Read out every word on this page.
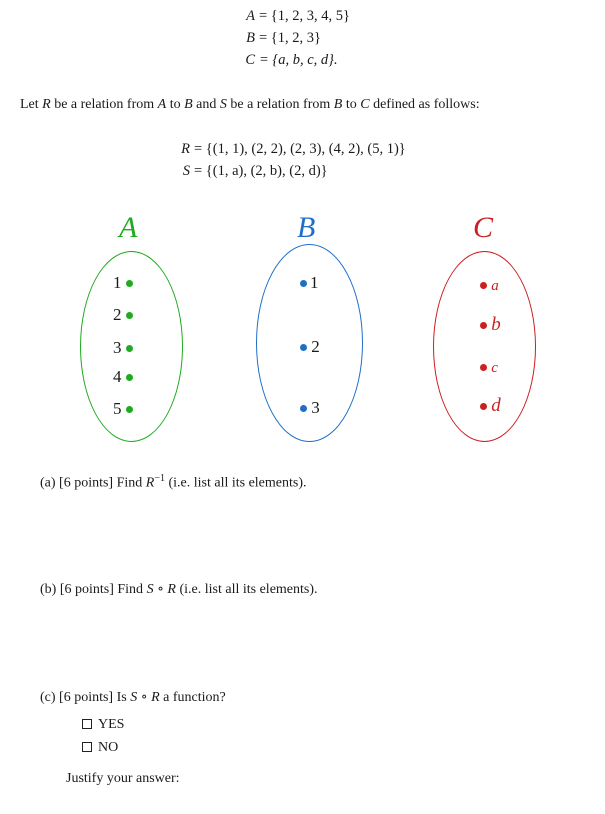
A = {1, 2, 3, 4, 5}
B = {1, 2, 3}
C = {a, b, c, d}.
Let R be a relation from A to B and S be a relation from B to C defined as follows:
R = {(1, 1), (2, 2), (2, 3), (4, 2), (5, 1)}
S = {(1, a), (2, b), (2, d)}
A	B	C
1
2
3
4
5
1
2
3
a
b
c
d
(a) [6 points] Find $R^{-1}$ (i.e. list all its elements).
(b) [6 points] Find S ∘ R (i.e. list all its elements).
(c) [6 points] Is S ∘ R a function?
YES
NO
Justify your answer:
